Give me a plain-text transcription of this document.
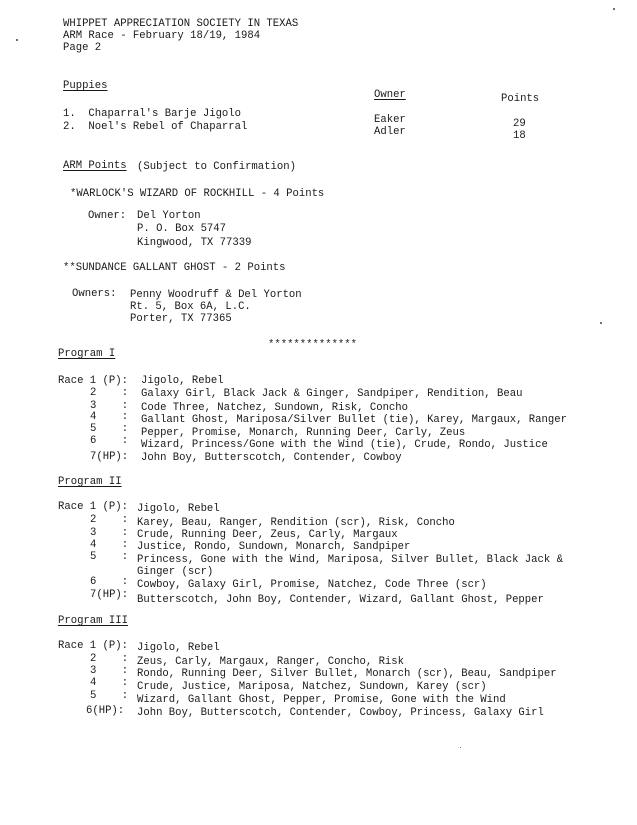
WHIPPET APPRECIATION SOCIETY IN TEXAS
ARM Race - February 18/19, 1984
Page 2
Puppies
Owner	Points
1.  Chaparral's Barje Jigolo
2.  Noel's Rebel of Chaparral
Eaker
Adler
29
18
ARM Points (Subject to Confirmation)
*WARLOCK'S WIZARD OF ROCKHILL - 4 Points
Owner: Del Yorton
P. O. Box 5747
Kingwood, TX 77339
**SUNDANCE GALLANT GHOST - 2 Points
Owners: Penny Woodruff & Del Yorton
Rt. 5, Box 6A, L.C.
Porter, TX 77365
**************
Program I
Race 1 (P): Jigolo, Rebel
2    : Galaxy Girl, Black Jack & Ginger, Sandpiper, Rendition, Beau
3    : Code Three, Natchez, Sundown, Risk, Concho
4    : Gallant Ghost, Mariposa/Silver Bullet (tie), Karey, Margaux, Ranger
5    : Pepper, Promise, Monarch, Running Deer, Carly, Zeus
6    : Wizard, Princess/Gone with the Wind (tie), Crude, Rondo, Justice
7(HP): John Boy, Butterscotch, Contender, Cowboy
Program II
Race 1 (P): Jigolo, Rebel
2    : Karey, Beau, Ranger, Rendition (scr), Risk, Concho
3    : Crude, Running Deer, Zeus, Carly, Margaux
4    : Justice, Rondo, Sundown, Monarch, Sandpiper
5    : Princess, Gone with the Wind, Mariposa, Silver Bullet, Black Jack &
Ginger (scr)
6    : Cowboy, Galaxy Girl, Promise, Natchez, Code Three (scr)
7(HP): Butterscotch, John Boy, Contender, Wizard, Gallant Ghost, Pepper
Program III
Race 1 (P): Jigolo, Rebel
2    : Zeus, Carly, Margaux, Ranger, Concho, Risk
3    : Rondo, Running Deer, Silver Bullet, Monarch (scr), Beau, Sandpiper
4    : Crude, Justice, Mariposa, Natchez, Sundown, Karey (scr)
5    : Wizard, Gallant Ghost, Pepper, Promise, Gone with the Wind
6(HP): John Boy, Butterscotch, Contender, Cowboy, Princess, Galaxy Girl
